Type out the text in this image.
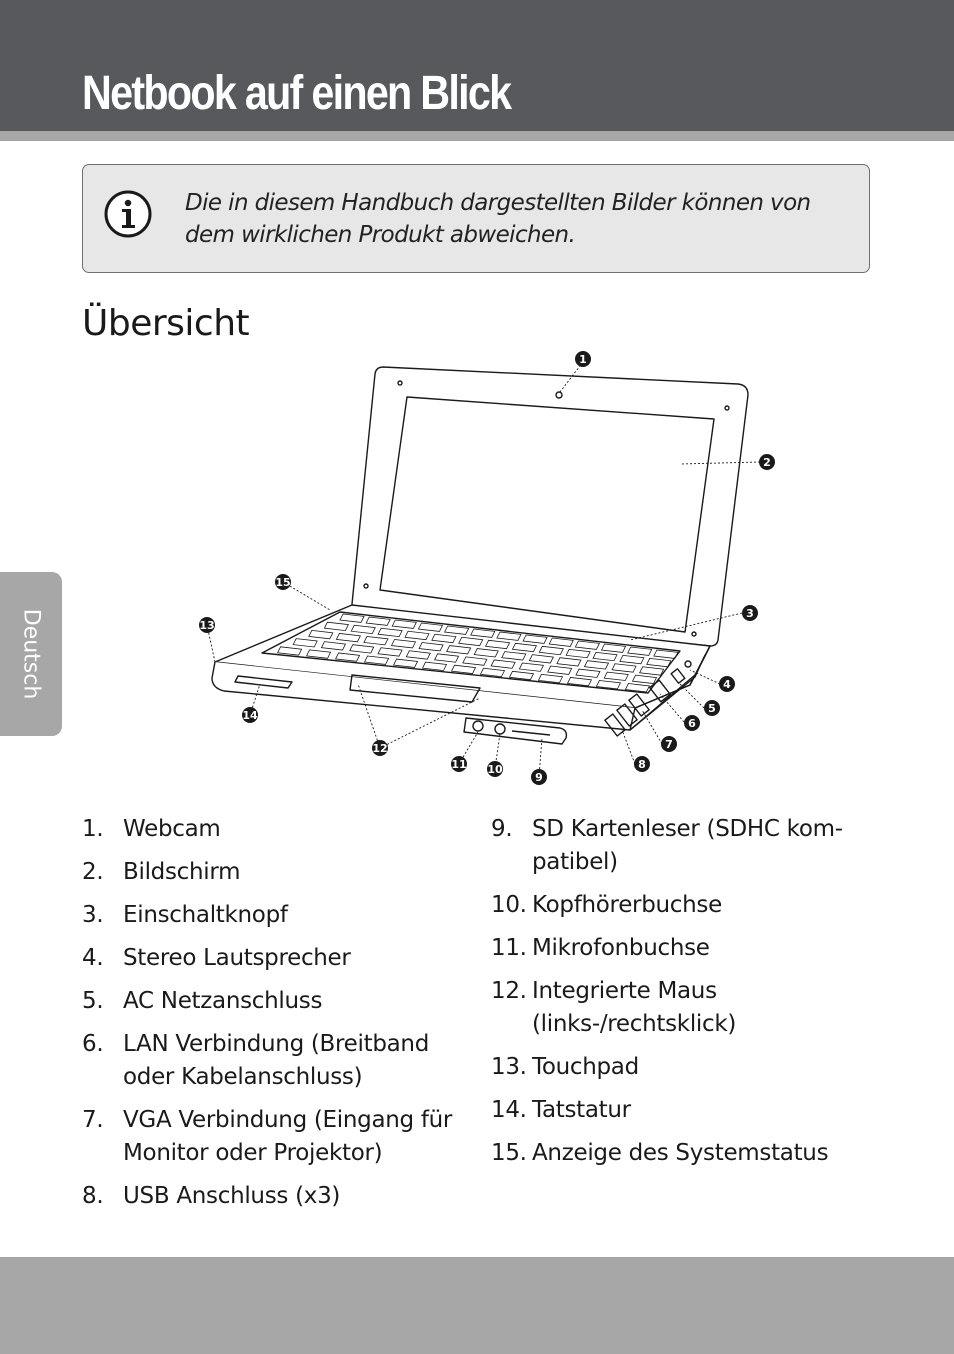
Netbook auf einen Blick
Die in diesem Handbuch dargestellten Bilder können von dem wirklichen Produkt abweichen.
Übersicht
Deutsch
1
2
3
4
5
6
7
8
9
10
11
12
13
14
15
1. Webcam
2. Bildschirm
3. Einschaltknopf
4. Stereo Lautsprecher
5. AC Netzanschluss
6. LAN Verbindung (Breitband oder Kabelanschluss)
7. VGA Verbindung (Eingang für Monitor oder Projektor)
8. USB Anschluss (x3)
9. SD Kartenleser (SDHC kom-patibel)
10. Kopfhörerbuchse
11. Mikrofonbuchse
12. Integrierte Maus (links-/rechtsklick)
13. Touchpad
14. Tatstatur
15. Anzeige des Systemstatus
